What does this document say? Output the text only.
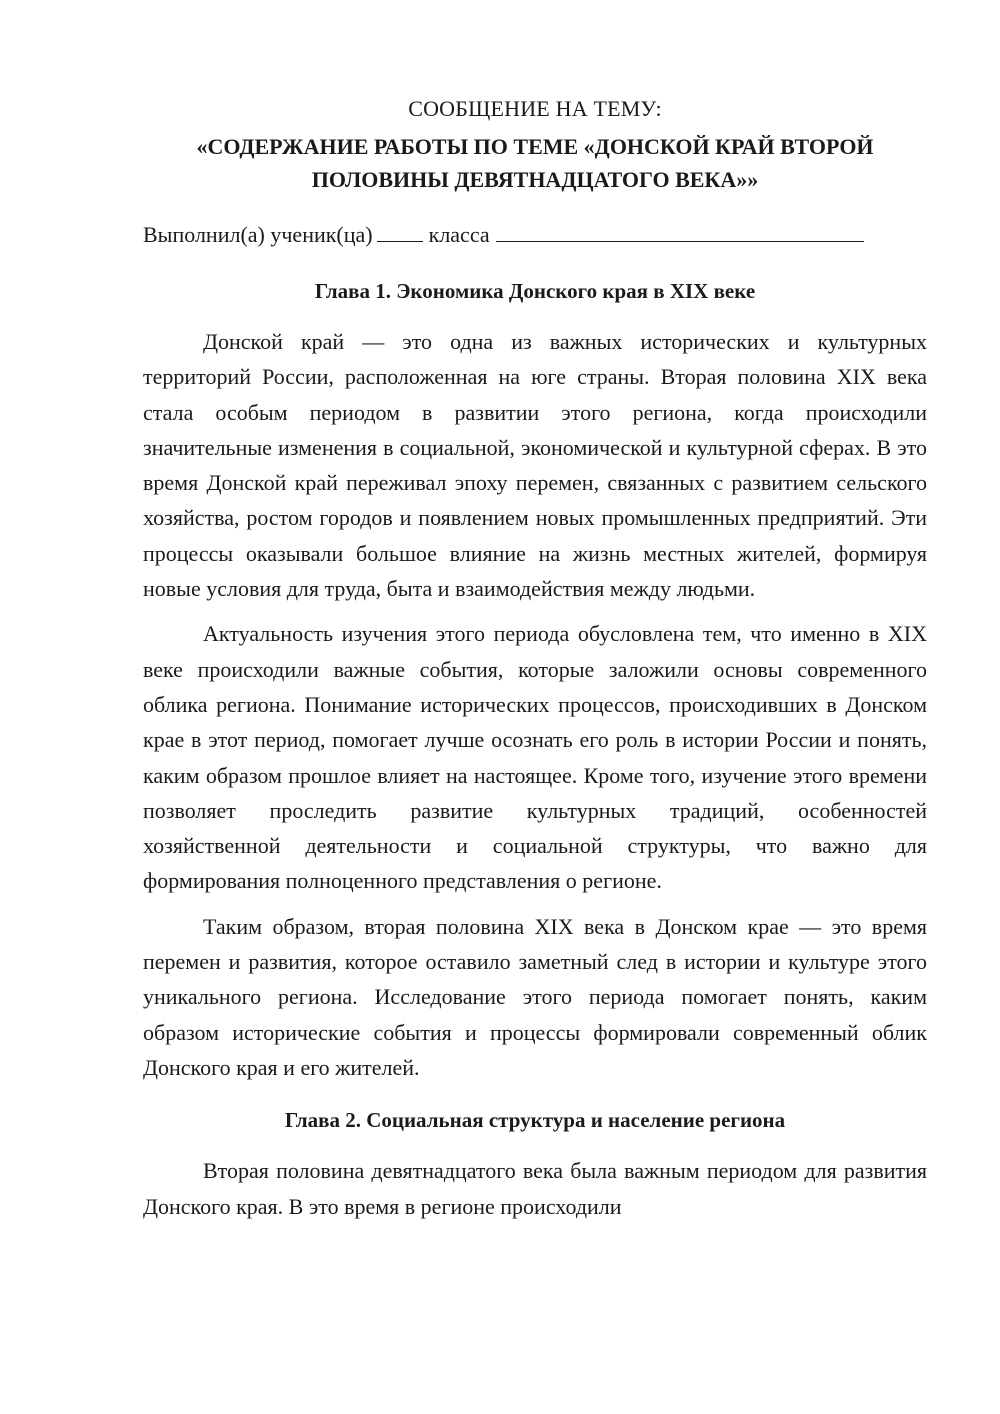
СООБЩЕНИЕ НА ТЕМУ:

«СОДЕРЖАНИЕ РАБОТЫ ПО ТЕМЕ «ДОНСКОЙ КРАЙ ВТОРОЙ ПОЛОВИНЫ ДЕВЯТНАДЦАТОГО ВЕКА»»

Выполнил(а) ученик(ца)	класса

Глава 1. Экономика Донского края в XIX веке

Донской край — это одна из важных исторических и культурных территорий России, расположенная на юге страны. Вторая половина XIX века стала особым периодом в развитии этого региона, когда происходили значительные изменения в социальной, экономической и культурной сферах. В это время Донской край переживал эпоху перемен, связанных с развитием сельского хозяйства, ростом городов и появлением новых промышленных предприятий. Эти процессы оказывали большое влияние на жизнь местных жителей, формируя новые условия для труда, быта и взаимодействия между людьми.

Актуальность изучения этого периода обусловлена тем, что именно в XIX веке происходили важные события, которые заложили основы современного облика региона. Понимание исторических процессов, происходивших в Донском крае в этот период, помогает лучше осознать его роль в истории России и понять, каким образом прошлое влияет на настоящее. Кроме того, изучение этого времени позволяет проследить развитие культурных традиций, особенностей хозяйственной деятельности и социальной структуры, что важно для формирования полноценного представления о регионе.

Таким образом, вторая половина XIX века в Донском крае — это время перемен и развития, которое оставило заметный след в истории и культуре этого уникального региона. Исследование этого периода помогает понять, каким образом исторические события и процессы формировали современный облик Донского края и его жителей.

Глава 2. Социальная структура и население региона

Вторая половина девятнадцатого века была важным периодом для развития Донского края. В это время в регионе происходили
